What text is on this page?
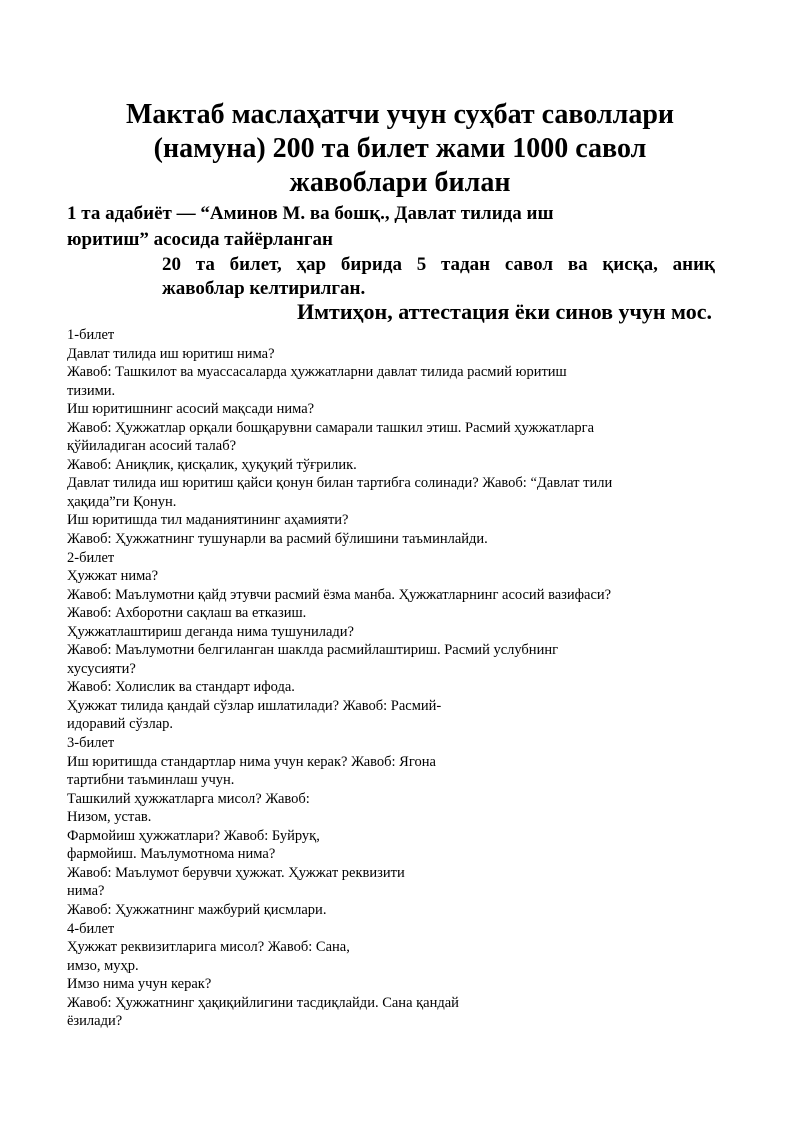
Мактаб маслаҳатчи учун суҳбат саволлари
(намуна) 200 та билет жами 1000 савол
жавоблари билан
1 та адабиёт — “Аминов М. ва бошқ., Давлат тилида иш
юритиш” асосида тайёрланган
20 та билет, ҳар бирида 5 тадан савол ва қисқа, аниқ
жавоблар келтирилган.
Имтиҳон, аттестация ёки синов учун мос.
1-билет
Давлат тилида иш юритиш нима?
Жавоб: Ташкилот ва муассасаларда ҳужжатларни давлат тилида расмий юритиш
тизими.
Иш юритишнинг асосий мақсади нима?
Жавоб: Ҳужжатлар орқали бошқарувни самарали ташкил этиш. Расмий ҳужжатларга
қўйиладиган асосий талаб?
Жавоб: Аниқлик, қисқалик, ҳуқуқий тўғрилик.
Давлат тилида иш юритиш қайси қонун билан тартибга солинади? Жавоб: “Давлат тили
ҳақида”ги Қонун.
Иш юритишда тил маданиятининг аҳамияти?
Жавоб: Ҳужжатнинг тушунарли ва расмий бўлишини таъминлайди.
2-билет
Ҳужжат нима?
Жавоб: Маълумотни қайд этувчи расмий ёзма манба. Ҳужжатларнинг асосий вазифаси?
Жавоб: Ахборотни сақлаш ва етказиш.
Ҳужжатлаштириш деганда нима тушунилади?
Жавоб: Маълумотни белгиланган шаклда расмийлаштириш. Расмий услубнинг
хусусияти?
Жавоб: Холислик ва стандарт ифода.
Ҳужжат тилида қандай сўзлар ишлатилади? Жавоб: Расмий-
идоравий сўзлар.
3-билет
Иш юритишда стандартлар нима учун керак? Жавоб: Ягона
тартибни таъминлаш учун.
Ташкилий ҳужжатларга мисол? Жавоб:
Низом, устав.
Фармойиш ҳужжатлари? Жавоб: Буйруқ,
фармойиш. Маълумотнома нима?
Жавоб: Маълумот берувчи ҳужжат. Ҳужжат реквизити
нима?
Жавоб: Ҳужжатнинг мажбурий қисмлари.
4-билет
Ҳужжат реквизитларига мисол? Жавоб: Сана,
имзо, муҳр.
Имзо нима учун керак?
Жавоб: Ҳужжатнинг ҳақиқийлигини тасдиқлайди. Сана қандай
ёзилади?
